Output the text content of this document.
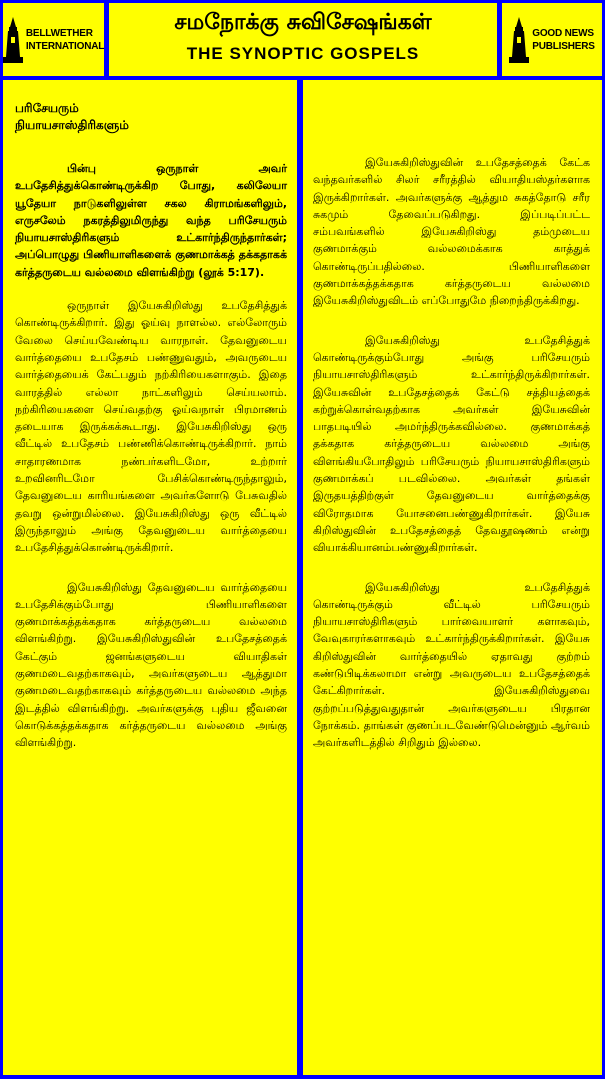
BELLWETHER
INTERNATIONAL
சமநோக்கு சுவிசேஷங்கள்
THE SYNOPTIC GOSPELS
GOOD NEWS
PUBLISHERS
பரிசேயரும்
நியாயசாஸ்திரிகளும்

பின்பு ஒருநாள் அவர் உபதேசித்துக்கொண்டிருக்கிற போது, கலிலேயா யூதேயா நாடுகளிலுள்ள சகல கிராமங்களிலும், எருசலேம் நகரத்திலுமிருந்து வந்த பரிசேயரும் நியாயசாஸ்திரிகளும் உட்கார்ந்திருந்தார்கள்; அப்பொழுது பிணியாளிகளைக் குணமாக்கத் தக்கதாகக் கர்த்தருடைய வல்லமை விளங்கிற்று (லூக் 5:17).

ஒருநாள் இயேசுகிறிஸ்து உபதேசித்துக் கொண்டிருக்கிறார். இது ஓய்வு நாளல்ல. எல்லோரும் வேலை செய்யவேண்டிய வாரநாள். தேவனுடைய வார்த்தையை உபதேசம் பண்ணுவதும், அவருடைய வார்த்தையைக் கேட்பதும் நற்கிரியைகளாகும். இதை வாரத்தில் எல்லா நாட்களிலும் செய்யலாம். நற்கிரியைகளை செய்வதற்கு ஓய்வநாள் பிரமாணம் தடையாக இருக்கக்கூடாது. இயேசுகிறிஸ்து ஒரு வீட்டில் உபதேசம் பண்ணிக்கொண்டிருக்கிறார். நாம் சாதாரணமாக நண்பர்களிடமோ, உற்றார் உறவினரிடமோ பேசிக்கொண்டிருந்தாலும், தேவனுடைய காரியங்களை அவர்களோடு பேசுவதில் தவறு ஒன்றுமில்லை. இயேசுகிறிஸ்து ஒரு வீட்டில் இருந்தாலும் அங்கு தேவனுடைய வார்த்தையை உபதேசித்துக்கொண்டிருக்கிறார்.

இயேசுகிறிஸ்து தேவனுடைய வார்த்தையை உபதேசிக்கும்போது பிணியாளிகளை குணமாக்கத்தக்கதாக கர்த்தருடைய வல்லமை விளங்கிற்று. இயேசுகிறிஸ்துவின் உபதேசத்தைக் கேட்கும் ஜனங்களுடைய வியாதிகள் குணமடைவதற்காகவும், அவர்களுடைய ஆத்துமா குணமடைவதற்காகவும் கர்த்தருடைய வல்லமை அந்த இடத்தில் விளங்கிற்று. அவர்களுக்கு புதிய ஜீவனை கொடுக்கத்தக்கதாக கர்த்தருடைய வல்லமை அங்கு விளங்கிற்று.

இயேசுகிறிஸ்துவின் உபதேசத்தைக் கேட்க வந்தவர்களில் சிலர் சரீரத்தில் வியாதியஸ்தர்களாக இருக்கிறார்கள். அவர்களுக்கு ஆத்தும சுகத்தோடு சரீர சுகமும் தேவைப்படுகிறது. இப்படிப்பட்ட சம்பவங்களில் இயேசுகிறிஸ்து தம்முடைய குணமாக்கும் வல்லமைக்காக காத்துக் கொண்டிருப்பதில்லை. பிணியாளிகளை குணமாக்கத்தக்கதாக கர்த்தருடைய வல்லமை இயேசுகிறிஸ்துவிடம் எப்போதுமே நிறைந்திருக்கிறது.

இயேசுகிறிஸ்து உபதேசித்துக் கொண்டிருக்கும்போது அங்கு பரிசேயரும் நியாயசாஸ்திரிகளும் உட்கார்ந்திருக்கிறார்கள். இயேசுவின் உபதேசத்தைக் கேட்டு சத்தியத்தைக் கற்றுக்கொள்வதற்காக அவர்கள் இயேசுவின் பாதபடியில் அமர்ந்திருக்கவில்லை. குணமாக்கத் தக்கதாக கர்த்தருடைய வல்லமை அங்கு விளங்கியபோதிலும் பரிசேயரும் நியாயசாஸ்திரிகளும் குணமாக்கப் படவில்லை. அவர்கள் தங்கள் இருதயத்திற்குள் தேவனுடைய வார்த்தைக்கு விரோதமாக யோசனைபண்ணுகிறார்கள். இயேசு கிறிஸ்துவின் உபதேசத்தைத் தேவதூஷணம் என்று வியாக்கியானம்பண்ணுகிறார்கள்.

இயேசுகிறிஸ்து உபதேசித்துக் கொண்டிருக்கும் வீட்டில் பரிசேயரும் நியாயசாஸ்திரிகளும் பார்வையாளர் களாகவும், வேவுகாரர்களாகவும் உட்கார்ந்திருக்கிறார்கள். இயேசு கிறிஸ்துவின் வார்த்தையில் ஏதாவது குற்றம் கண்டுபிடிக்கலாமா என்று அவருடைய உபதேசத்தைக் கேட்கிறார்கள். இயேசுகிறிஸ்துவை குற்றப்படுத்துவதுதான் அவர்களுடைய பிரதான நோக்கம். தாங்கள் குணப்படவேண்டுமென்னும் ஆர்வம் அவர்களிடத்தில் சிறிதும் இல்லை.
